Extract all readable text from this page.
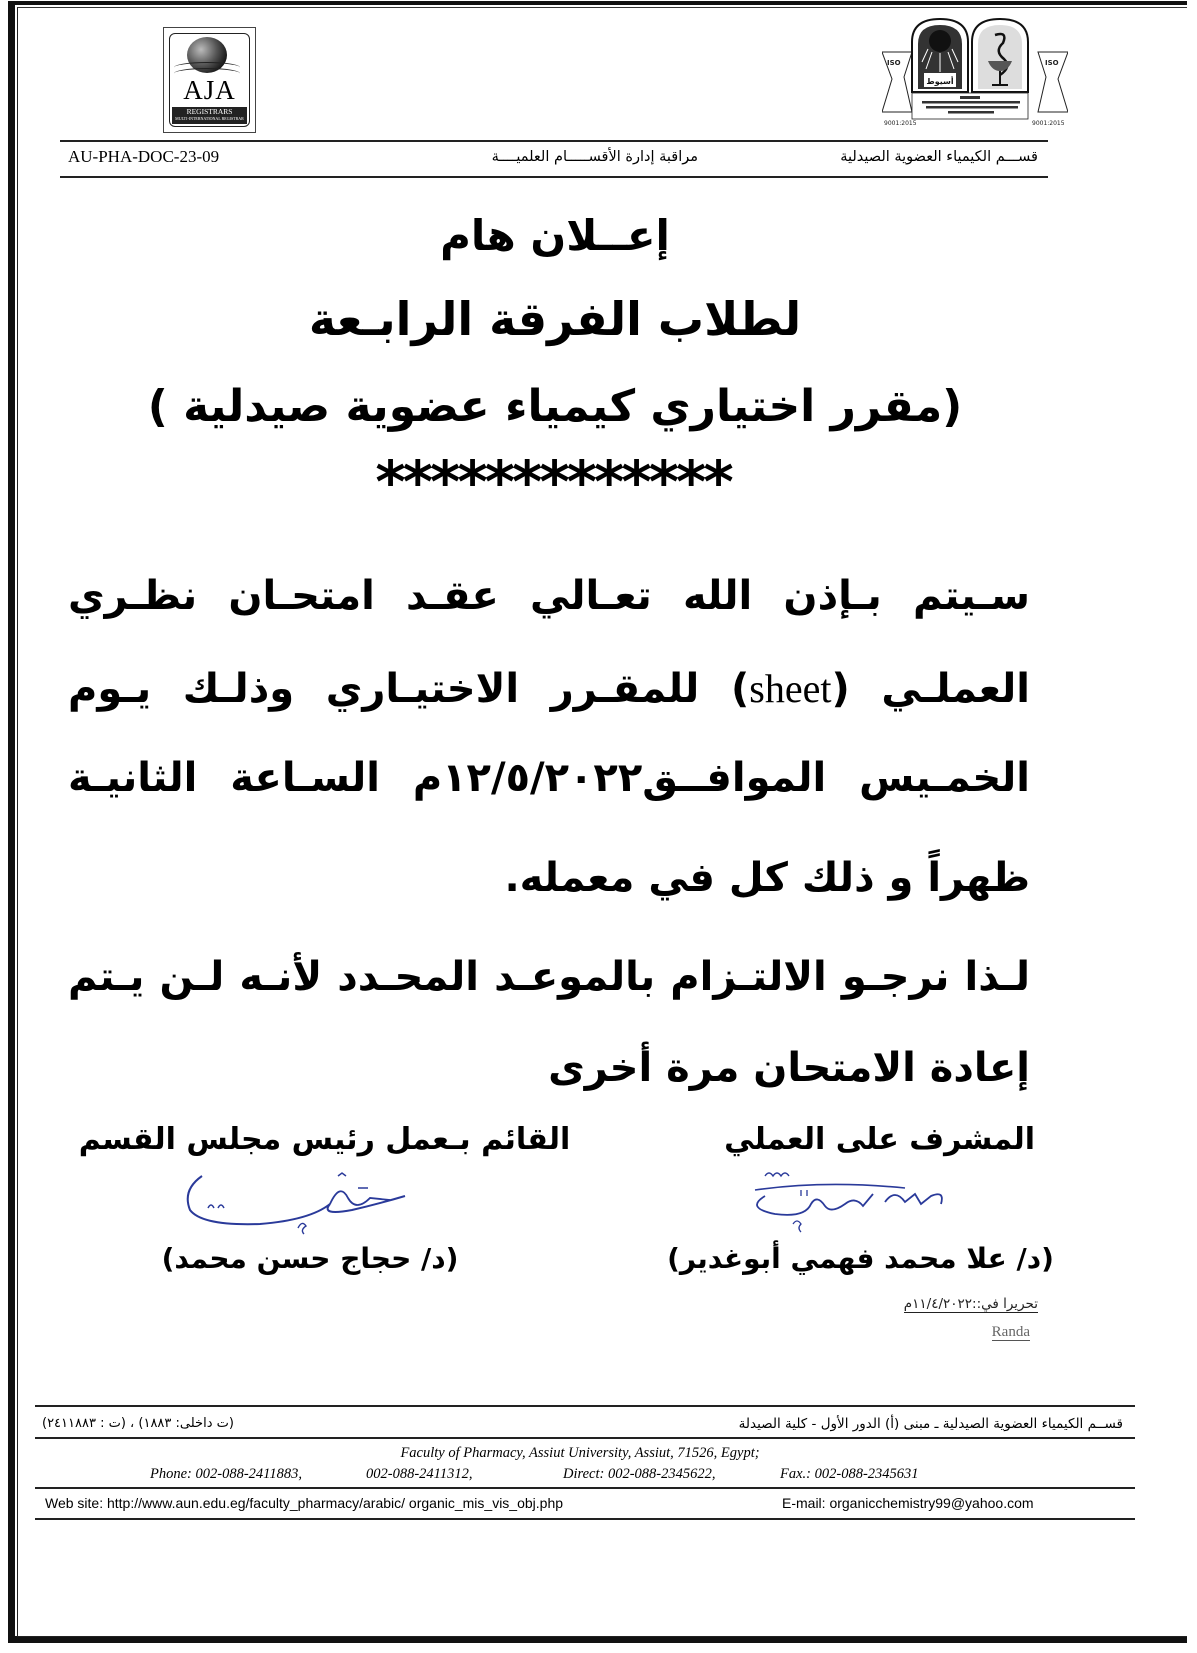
AJA
REGISTRARS
MULTI-INTERNATIONAL REGISTRAR
ISO	ISO
أسيوط
9001:2015	9001:2015
AU-PHA-DOC-23-09	مراقبة إدارة الأقســـــام العلميــــة	قســـم الكيمياء العضوية الصيدلية
إعــلان هام
لطلاب الفرقة الرابـعة
(مقرر اختياري كيمياء عضوية صيدلية )
*************
سـيتم بـإذن الله تعـالي عقـد امتحـان نظـري
العملـي (sheet) للمقـرر الاختيـاري وذلـك يـوم
الخمـيس الموافــق١٢/٥/٢٠٢٢م السـاعة الثانيـة
ظهراً و ذلك كل في معمله.
لـذا نرجـو الالتـزام بالموعـد المحـدد لأنـه لـن يـتم
إعادة الامتحان مرة أخرى
القائم بـعمل رئيس مجلس القسم	المشرف على العملي
(د/ حجاج حسن محمد)	(د/ علا محمد فهمي أبوغدير)
تحريرا في::١١/٤/٢٠٢٢م
Randa
قســم الكيمياء العضوية الصيدلية ـ مبنى (أ) الدور الأول - كلية الصيدلة
(ت داخلى: ١٨٨٣) ، (ت : ٢٤١١٨٨٣)
Faculty of Pharmacy, Assiut University, Assiut, 71526, Egypt;
Phone: 002-088-2411883,	002-088-2411312,	Direct: 002-088-2345622,	Fax.: 002-088-2345631
Web site: http://www.aun.edu.eg/faculty_pharmacy/arabic/ organic_mis_vis_obj.php	E-mail: organicchemistry99@yahoo.com
